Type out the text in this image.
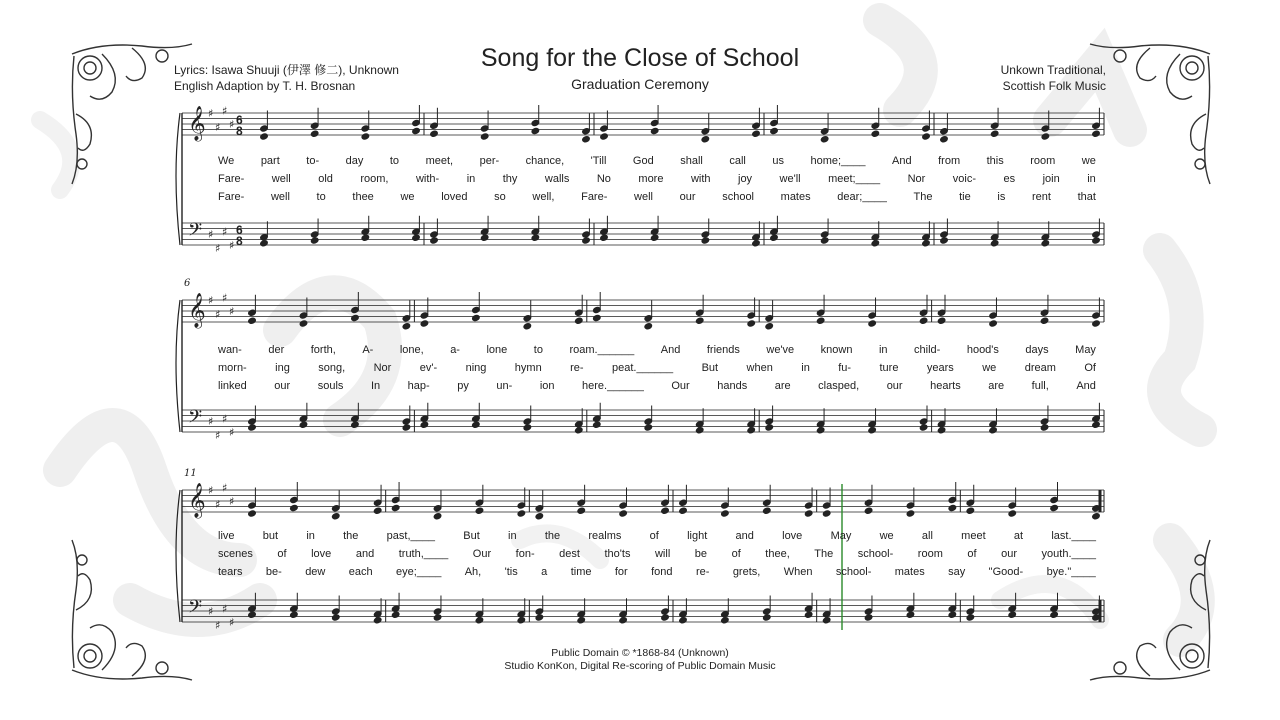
Song for the Close of School
Graduation Ceremony
Lyrics: Isawa Shuuji (伊澤 修二), Unknown
English Adaption by T. H. Brosnan
Unkown Traditional,
Scottish Folk Music
𝄞 ♯
♯
♯
♯ 6
8
𝄢 ♯
♯
♯
♯
6
8
We part to- day to meet, per- chance, 'Till God shall call us home;____ And from this room we
Fare- well old room, with- in thy walls No more with joy we'll meet;____ Nor voic- es join in
Fare- well to thee we loved so well, Fare- well our school mates dear;____ The tie is rent that
6
𝄞 ♯
♯
♯
♯
𝄢 ♯
♯
♯
♯
wan- der forth, A- lone, a- lone to roam.______ And friends we've known in child- hood's days May
morn-	ing	song,	Nor	ev'-	ning	hymn	re-	peat.______	But	when	in	fu-	ture	years	we	dream	Of
linked	our	souls	In	hap-	py	un-	ion	here.______	Our	hands	are	clasped,	our	hearts	are	full,	And
11
𝄞 ♯
♯
♯
♯
𝄢 ♯
♯
♯
♯
live	but	in	the	past,____	But	in	the	realms	of	light	and	love	May	we	all	meet	at	last.____
scenes of love and truth,____ Our fon- dest tho'ts will be of thee, The school- room of our youth.____
tears be- dew each eye;____ Ah, 'tis a time for fond re- grets, When school- mates say "Good- bye."____
Public Domain © *1868-84 (Unknown)
Studio KonKon, Digital Re-scoring of Public Domain Music
